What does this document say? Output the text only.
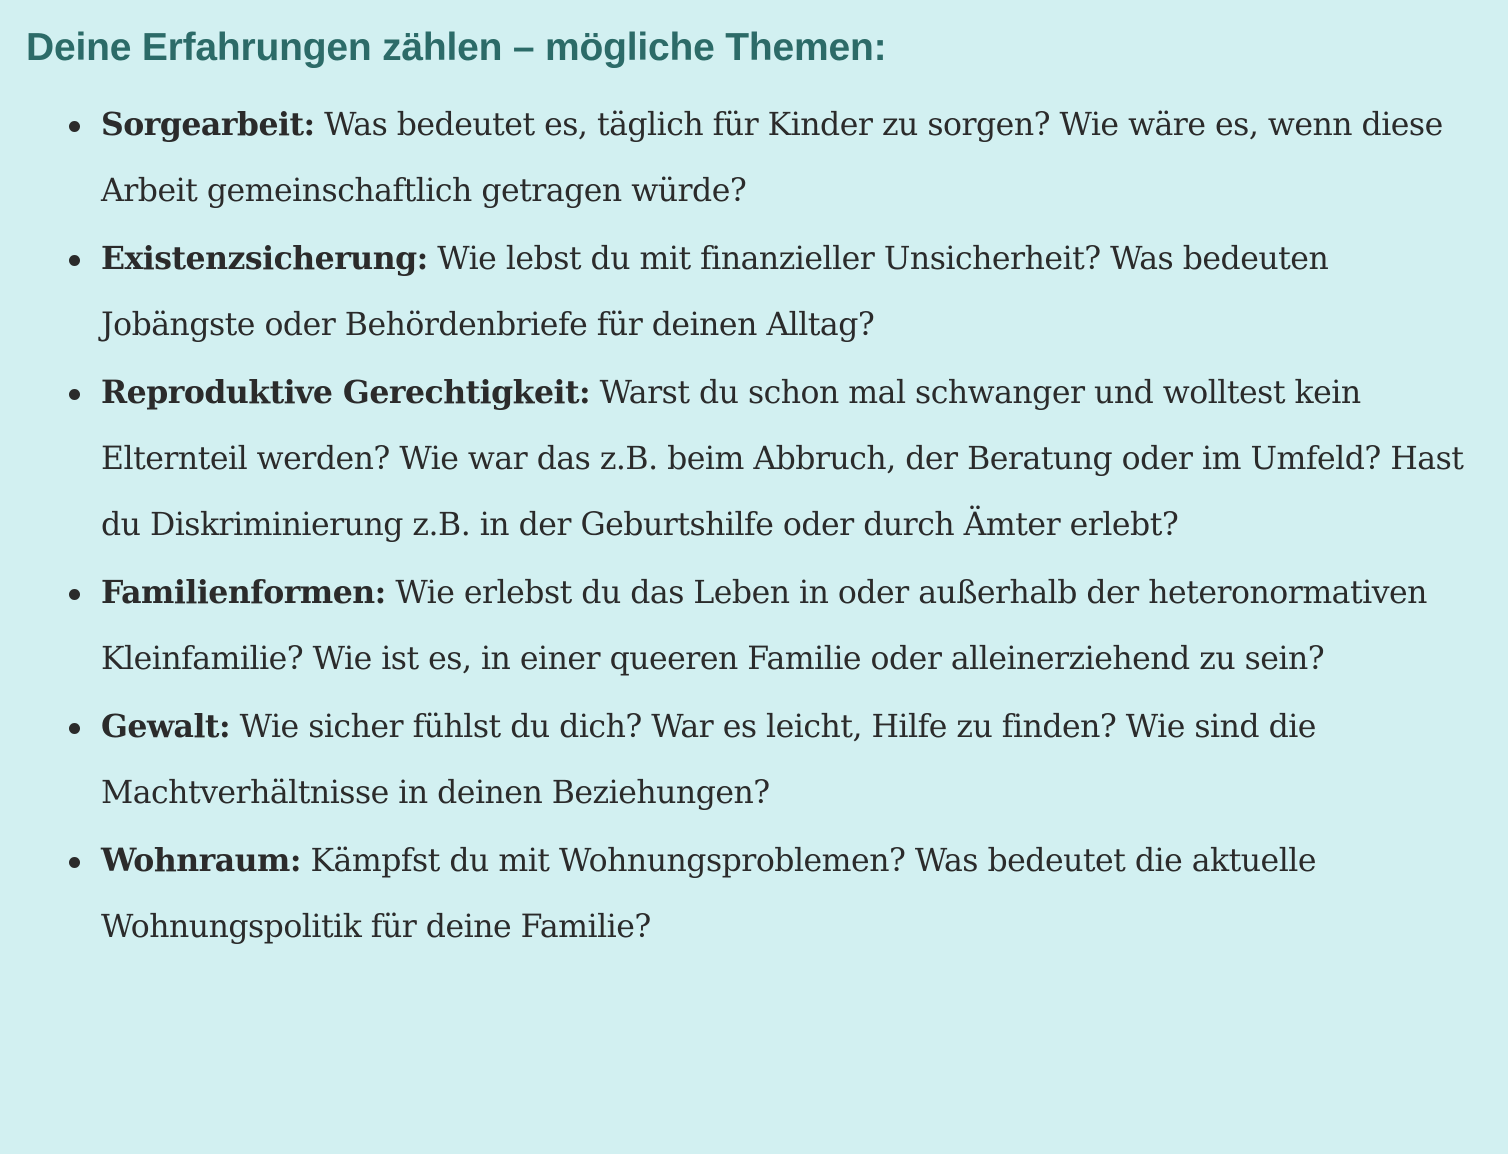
Deine Erfahrungen zählen – mögliche Themen:
Sorgearbeit: Was bedeutet es, täglich für Kinder zu sorgen? Wie wäre es, wenn diese Arbeit gemeinschaftlich getragen würde?
Existenzsicherung: Wie lebst du mit finanzieller Unsicherheit? Was bedeuten Jobängste oder Behördenbriefe für deinen Alltag?
Reproduktive Gerechtigkeit: Warst du schon mal schwanger und wolltest kein Elternteil werden? Wie war das z.B. beim Abbruch, der Beratung oder im Umfeld? Hast du Diskriminierung z.B. in der Geburtshilfe oder durch Ämter erlebt?
Familienformen: Wie erlebst du das Leben in oder außerhalb der heteronormativen Kleinfamilie? Wie ist es, in einer queeren Familie oder alleinerziehend zu sein?
Gewalt: Wie sicher fühlst du dich? War es leicht, Hilfe zu finden? Wie sind die Machtverhältnisse in deinen Beziehungen?
Wohnraum: Kämpfst du mit Wohnungsproblemen? Was bedeutet die aktuelle Wohnungspolitik für deine Familie?
